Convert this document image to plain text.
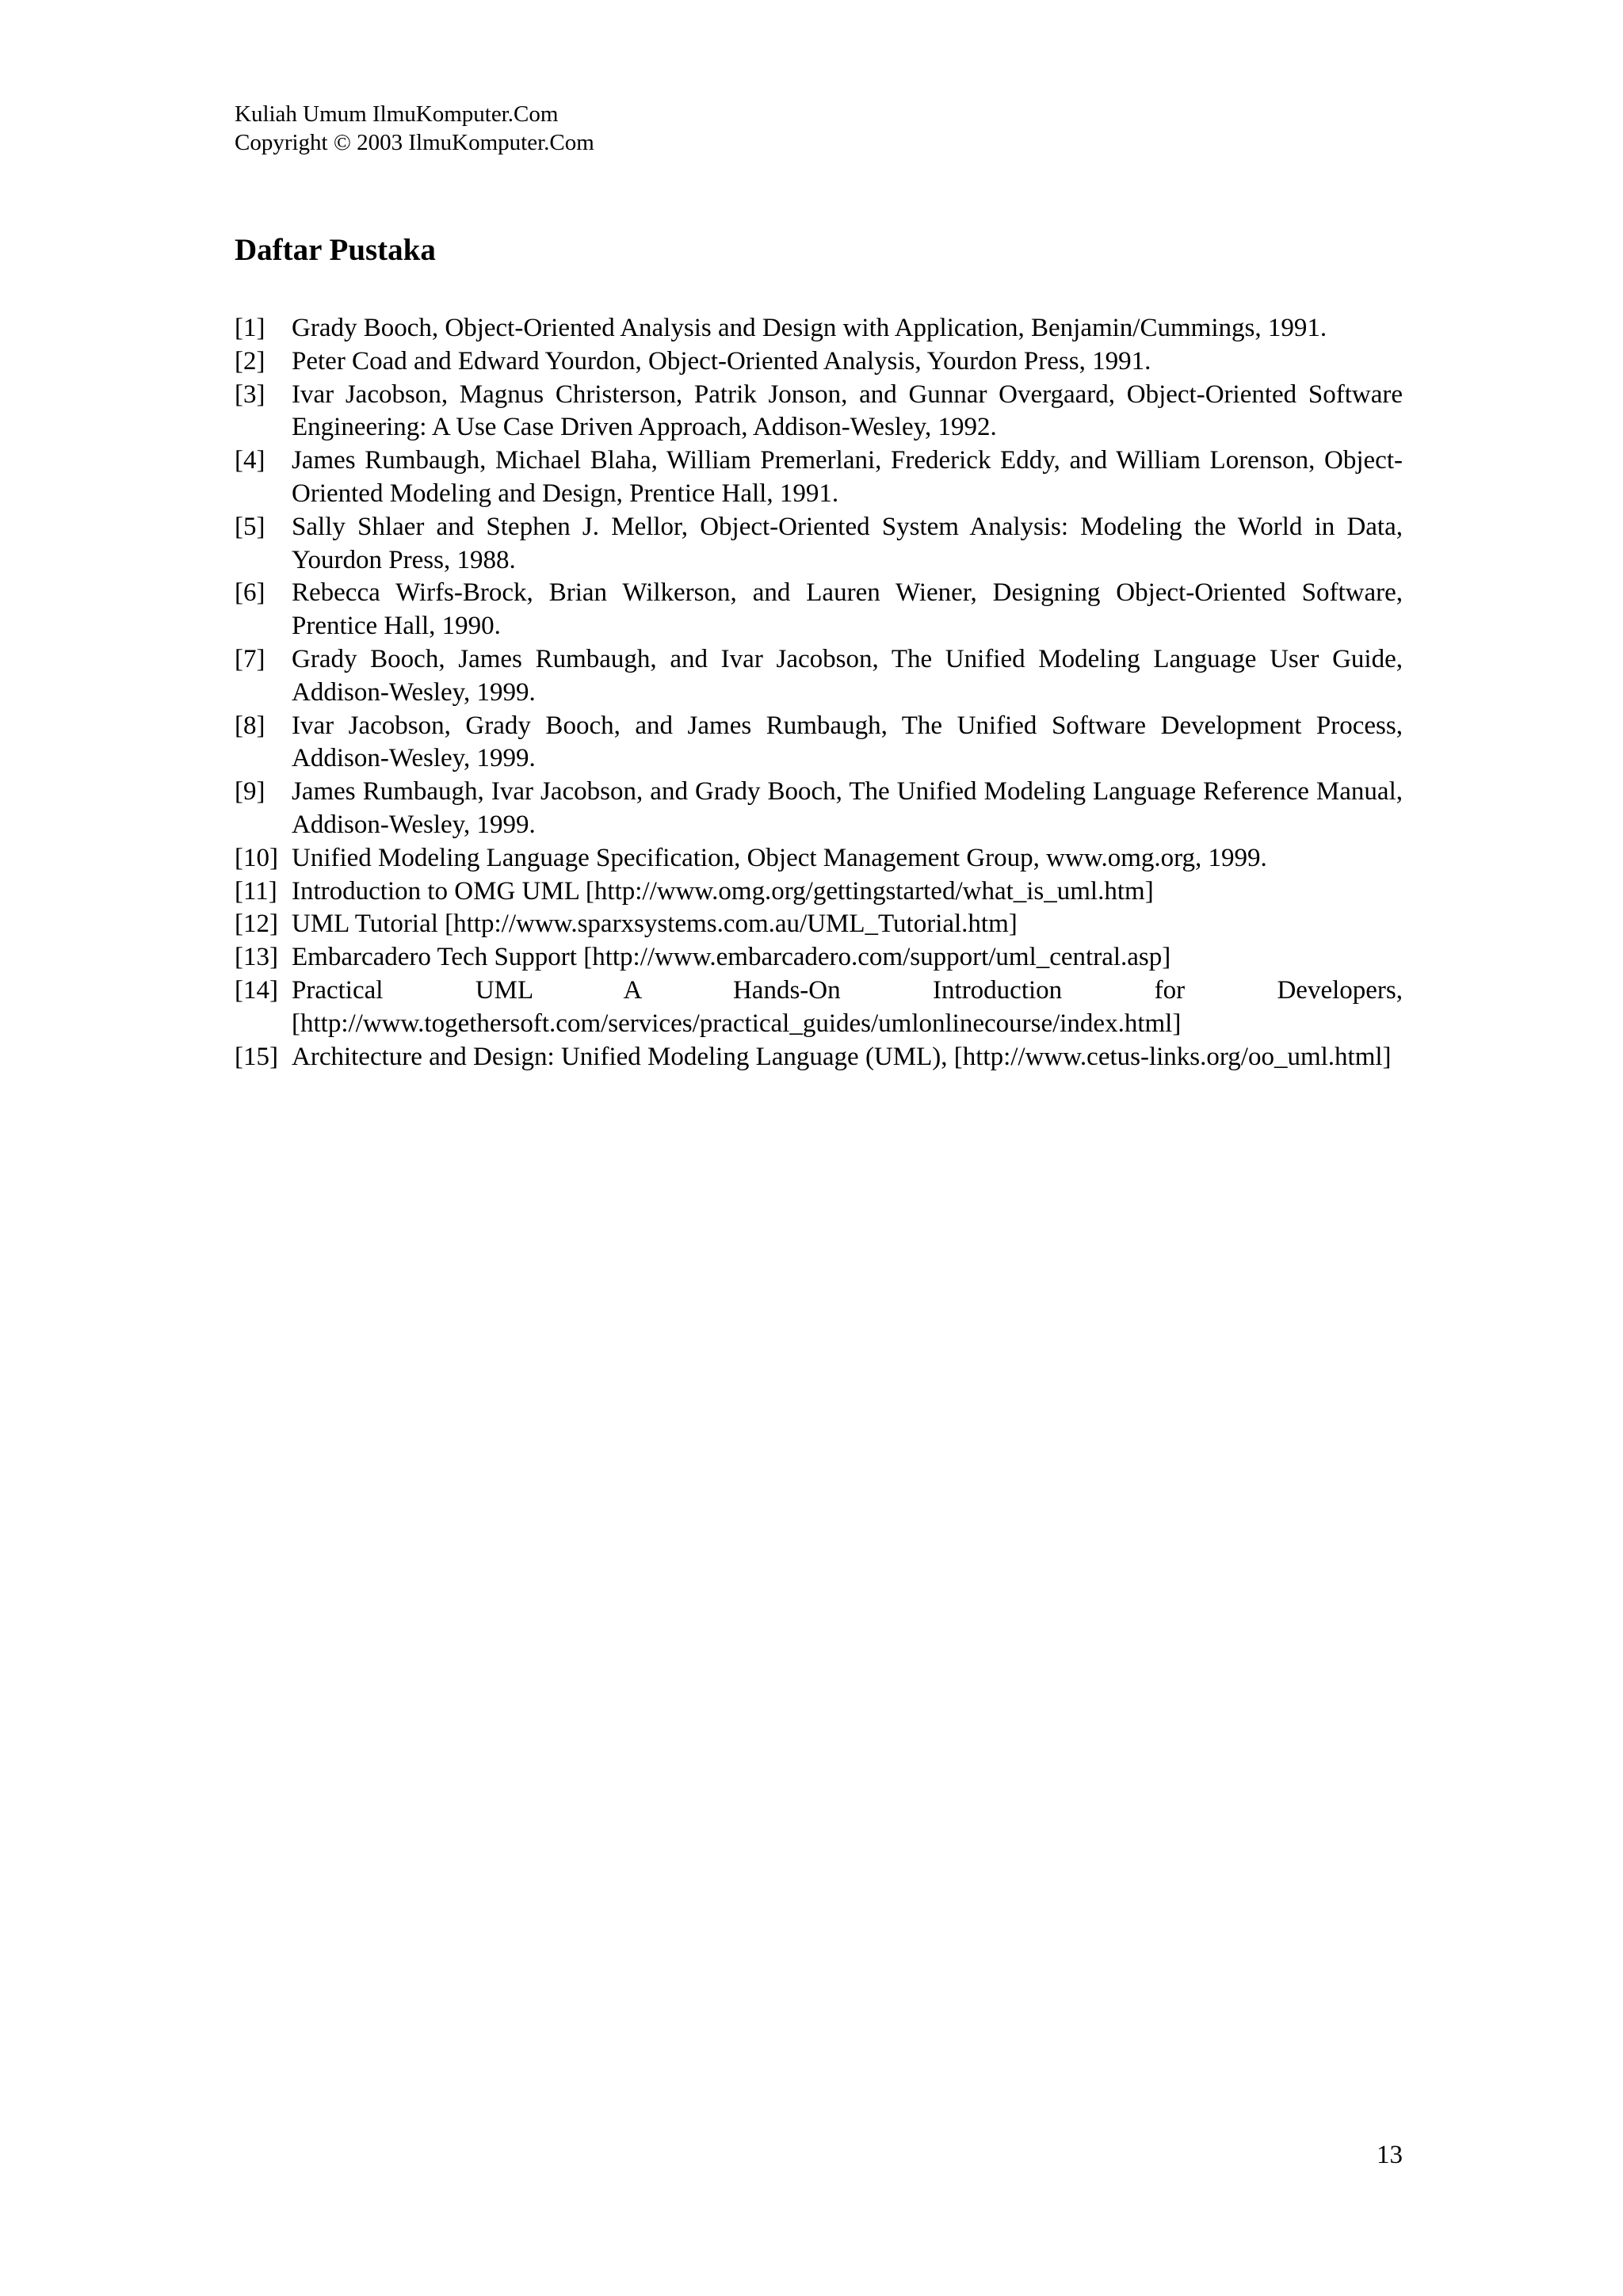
Kuliah Umum IlmuKomputer.Com
Copyright © 2003 IlmuKomputer.Com
Daftar Pustaka
[1]	Grady Booch, Object-Oriented Analysis and Design with Application, Benjamin/Cummings, 1991.
[2]	Peter Coad and Edward Yourdon, Object-Oriented Analysis, Yourdon Press, 1991.
[3]	Ivar Jacobson, Magnus Christerson, Patrik Jonson, and Gunnar Overgaard, Object-Oriented Software Engineering: A Use Case Driven Approach, Addison-Wesley, 1992.
[4]	James Rumbaugh, Michael Blaha, William Premerlani, Frederick Eddy, and William Lorenson, Object-Oriented Modeling and Design, Prentice Hall, 1991.
[5]	Sally Shlaer and Stephen J. Mellor, Object-Oriented System Analysis: Modeling the World in Data, Yourdon Press, 1988.
[6]	Rebecca Wirfs-Brock, Brian Wilkerson, and Lauren Wiener, Designing Object-Oriented Software, Prentice Hall, 1990.
[7]	Grady Booch, James Rumbaugh, and Ivar Jacobson, The Unified Modeling Language User Guide, Addison-Wesley, 1999.
[8]	Ivar Jacobson, Grady Booch, and James Rumbaugh, The Unified Software Development Process, Addison-Wesley, 1999.
[9]	James Rumbaugh, Ivar Jacobson, and Grady Booch, The Unified Modeling Language Reference Manual, Addison-Wesley, 1999.
[10] Unified Modeling Language Specification, Object Management Group, www.omg.org, 1999.
[11] Introduction to OMG UML [http://www.omg.org/gettingstarted/what_is_uml.htm]
[12] UML Tutorial [http://www.sparxsystems.com.au/UML_Tutorial.htm]
[13] Embarcadero Tech Support [http://www.embarcadero.com/support/uml_central.asp]
[14] Practical UML A Hands-On Introduction for Developers, [http://www.togethersoft.com/services/practical_guides/umlonlinecourse/index.html]
[15] Architecture and Design: Unified Modeling Language (UML), [http://www.cetus-links.org/oo_uml.html]
13
